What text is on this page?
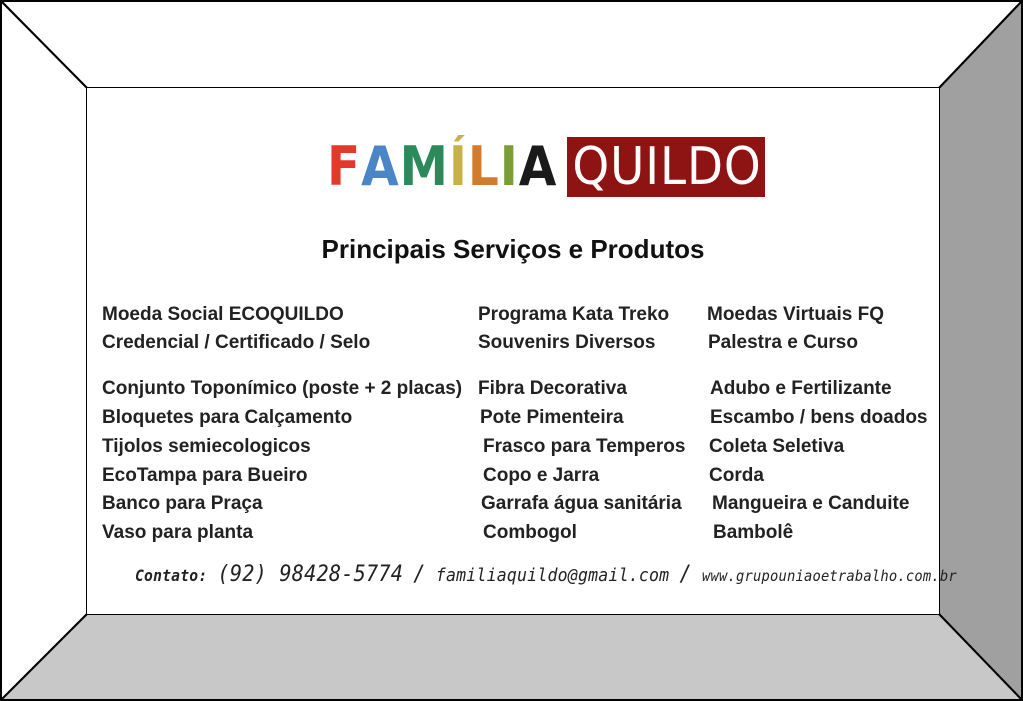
F A M Í L I A QUILDO
Principais Serviços e Produtos
Moeda Social ECOQUILDO
Credencial / Certificado / Selo
Conjunto Toponímico (poste + 2 placas)
Bloquetes para Calçamento
Tijolos semiecologicos
EcoTampa para Bueiro
Banco para Praça
Vaso para planta
Programa Kata Treko
Souvenirs Diversos
Fibra Decorativa
Pote Pimenteira
Frasco para Temperos
Copo e Jarra
Garrafa água sanitária
Combogol
Moedas Virtuais FQ
Palestra e Curso
Adubo e Fertilizante
Escambo / bens doados
Coleta Seletiva
Corda
Mangueira e Canduite
Bambolê
Contato: (92) 98428-5774 / familiaquildo@gmail.com / www.grupouniaoetrabalho.com.br
